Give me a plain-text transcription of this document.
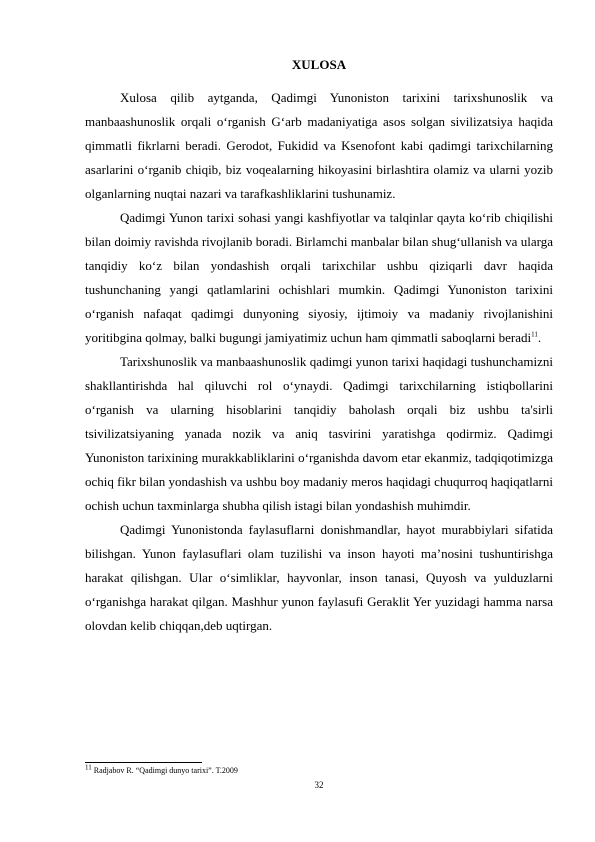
XULOSA

Xulosa qilib aytganda, Qadimgi Yunoniston tarixini tarixshunoslik va manbaashunoslik orqali o‘rganish G‘arb madaniyatiga asos solgan sivilizatsiya haqida qimmatli fikrlarni beradi. Gerodot, Fukidid va Ksenofont kabi qadimgi tarixchilarning asarlarini o‘rganib chiqib, biz voqealarning hikoyasini birlashtira olamiz va ularni yozib olganlarning nuqtai nazari va tarafkashliklarini tushunamiz.

Qadimgi Yunon tarixi sohasi yangi kashfiyotlar va talqinlar qayta ko‘rib chiqilishi bilan doimiy ravishda rivojlanib boradi. Birlamchi manbalar bilan shug‘ullanish va ularga tanqidiy ko‘z bilan yondashish orqali tarixchilar ushbu qiziqarli davr haqida tushunchaning yangi qatlamlarini ochishlari mumkin. Qadimgi Yunoniston tarixini o‘rganish nafaqat qadimgi dunyoning siyosiy, ijtimoiy va madaniy rivojlanishini yoritibgina qolmay, balki bugungi jamiyatimiz uchun ham qimmatli saboqlarni beradi$^{11}$.

Tarixshunoslik va manbaashunoslik qadimgi yunon tarixi haqidagi tushunchamizni shakllantirishda hal qiluvchi rol o‘ynaydi. Qadimgi tarixchilarning istiqbollarini o‘rganish va ularning hisoblarini tanqidiy baholash orqali biz ushbu ta'sirli tsivilizatsiyaning yanada nozik va aniq tasvirini yaratishga qodirmiz. Qadimgi Yunoniston tarixining murakkabliklarini o‘rganishda davom etar ekanmiz, tadqiqotimizga ochiq fikr bilan yondashish va ushbu boy madaniy meros haqidagi chuqurroq haqiqatlarni ochish uchun taxminlarga shubha qilish istagi bilan yondashish muhimdir.

Qadimgi Yunonistonda faylasuflarni donishmandlar, hayot murabbiylari sifatida bilishgan. Yunon faylasuflari olam tuzilishi va inson hayoti ma’nosini tushuntirishga harakat qilishgan. Ular o‘simliklar, hayvonlar, inson tanasi, Quyosh va yulduzlarni o‘rganishga harakat qilgan. Mashhur yunon faylasufi Geraklit Yer yuzidagi hamma narsa olovdan kelib chiqqan,deb uqtirgan.

$^{11}$ Radjabov R. “Qadimgi dunyo tarixi”. T.2009
32
